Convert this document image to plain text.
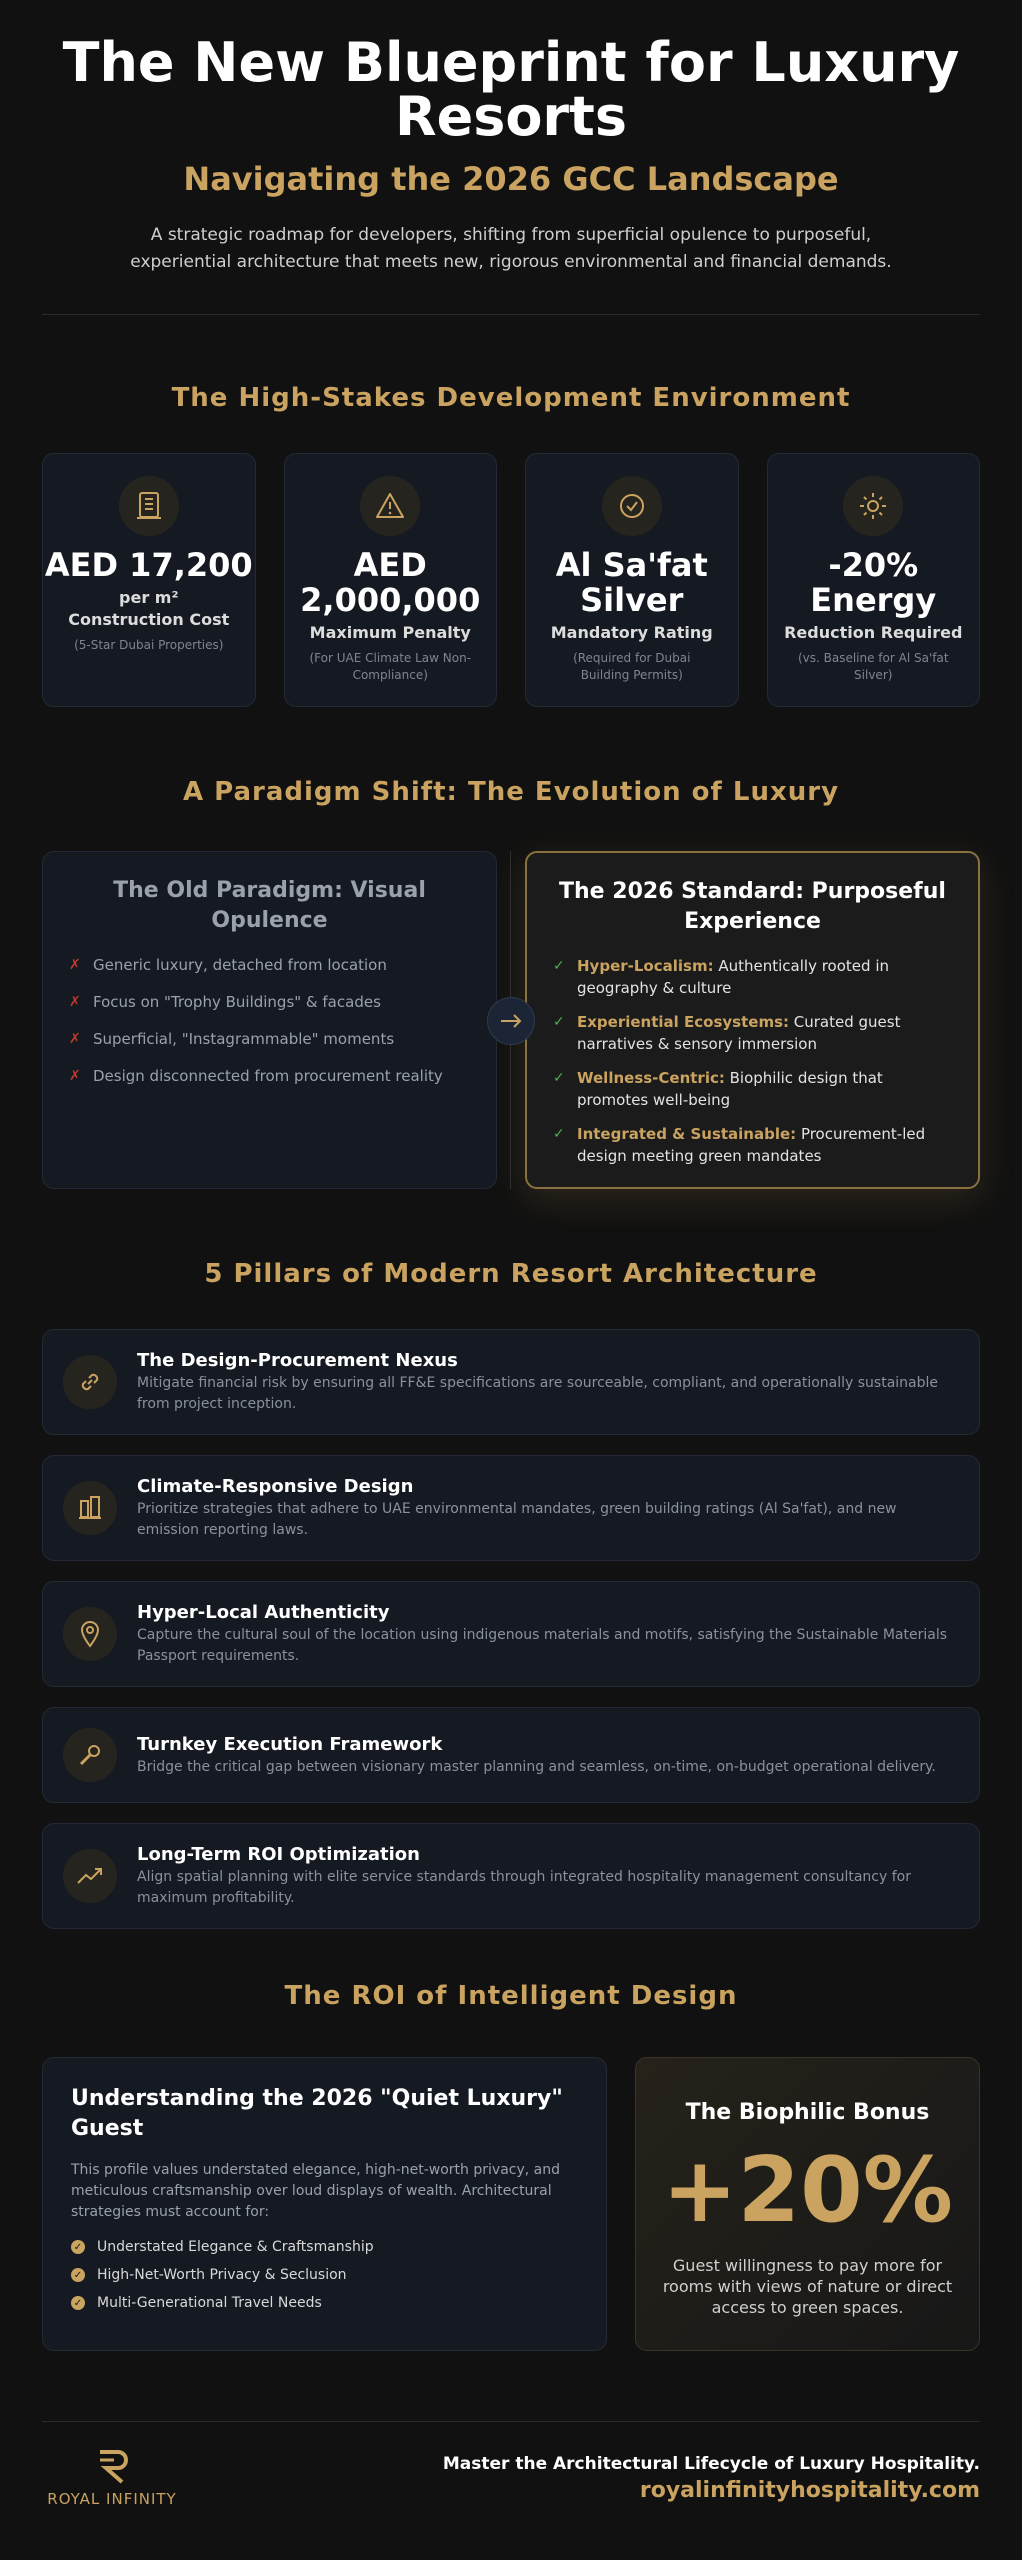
The New Blueprint for Luxury Resorts
Navigating the 2026 GCC Landscape
A strategic roadmap for developers, shifting from superficial opulence to purposeful, experiential architecture that meets new, rigorous environmental and financial demands.
The High-Stakes Development Environment
AED 17,200
per m²
Construction Cost
(5-Star Dubai Properties)
AED 2,000,000
Maximum Penalty
(For UAE Climate Law Non-Compliance)
Al Sa'fat Silver
Mandatory Rating
(Required for Dubai Building Permits)
-20% Energy
Reduction Required
(vs. Baseline for Al Sa'fat Silver)
A Paradigm Shift: The Evolution of Luxury
The Old Paradigm: Visual Opulence
✗ Generic luxury, detached from location
✗ Focus on "Trophy Buildings" & facades
✗ Superficial, "Instagrammable" moments
✗ Design disconnected from procurement reality
The 2026 Standard: Purposeful Experience
✓ Hyper-Localism: Authentically rooted in geography & culture
✓ Experiential Ecosystems: Curated guest narratives & sensory immersion
✓ Wellness-Centric: Biophilic design that promotes well-being
✓ Integrated & Sustainable: Procurement-led design meeting green mandates
5 Pillars of Modern Resort Architecture
The Design-Procurement Nexus
Mitigate financial risk by ensuring all FF&E specifications are sourceable, compliant, and operationally sustainable from project inception.
Climate-Responsive Design
Prioritize strategies that adhere to UAE environmental mandates, green building ratings (Al Sa'fat), and new emission reporting laws.
Hyper-Local Authenticity
Capture the cultural soul of the location using indigenous materials and motifs, satisfying the Sustainable Materials Passport requirements.
Turnkey Execution Framework
Bridge the critical gap between visionary master planning and seamless, on-time, on-budget operational delivery.
Long-Term ROI Optimization
Align spatial planning with elite service standards through integrated hospitality management consultancy for maximum profitability.
The ROI of Intelligent Design
Understanding the 2026 "Quiet Luxury" Guest
This profile values understated elegance, high-net-worth privacy, and meticulous craftsmanship over loud displays of wealth. Architectural strategies must account for:
✓ Understated Elegance & Craftsmanship
✓ High-Net-Worth Privacy & Seclusion
✓ Multi-Generational Travel Needs
The Biophilic Bonus
+20%
Guest willingness to pay more for rooms with views of nature or direct access to green spaces.
ROYAL INFINITY
Master the Architectural Lifecycle of Luxury Hospitality.
royalinfinityhospitality.com
